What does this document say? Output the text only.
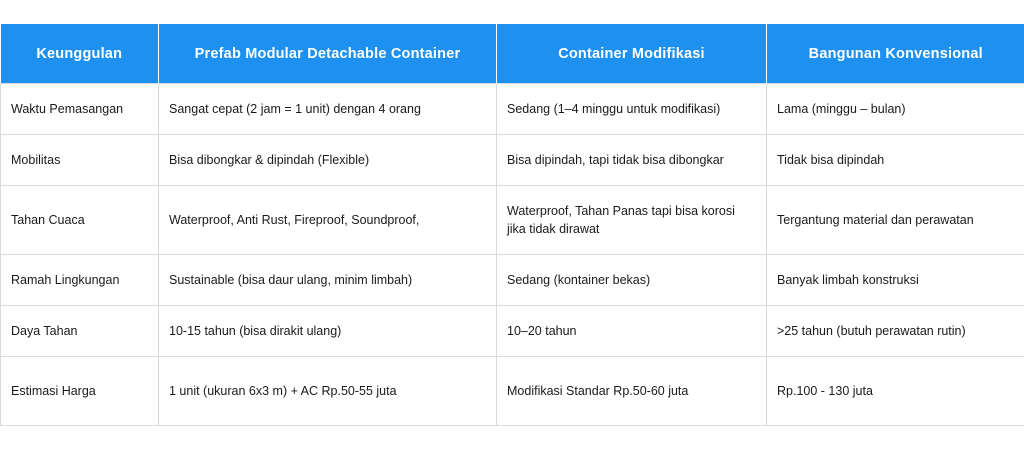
Keunggulan	Prefab Modular Detachable Container	Container Modifikasi	Bangunan Konvensional
Waktu Pemasangan	Sangat cepat (2 jam = 1 unit) dengan 4 orang	Sedang (1–4 minggu untuk modifikasi)	Lama (minggu – bulan)
Mobilitas	Bisa dibongkar & dipindah (Flexible)	Bisa dipindah, tapi tidak bisa dibongkar	Tidak bisa dipindah
Tahan Cuaca	Waterproof, Anti Rust, Fireproof, Soundproof,	Waterproof, Tahan Panas tapi bisa korosi jika tidak dirawat	Tergantung material dan perawatan
Ramah Lingkungan	Sustainable (bisa daur ulang, minim limbah)	Sedang (kontainer bekas)	Banyak limbah konstruksi
Daya Tahan	10-15 tahun (bisa dirakit ulang)	10–20 tahun	>25 tahun (butuh perawatan rutin)
Estimasi Harga	1 unit (ukuran 6x3 m) + AC Rp.50-55 juta	Modifikasi Standar Rp.50-60 juta	Rp.100 - 130 juta
